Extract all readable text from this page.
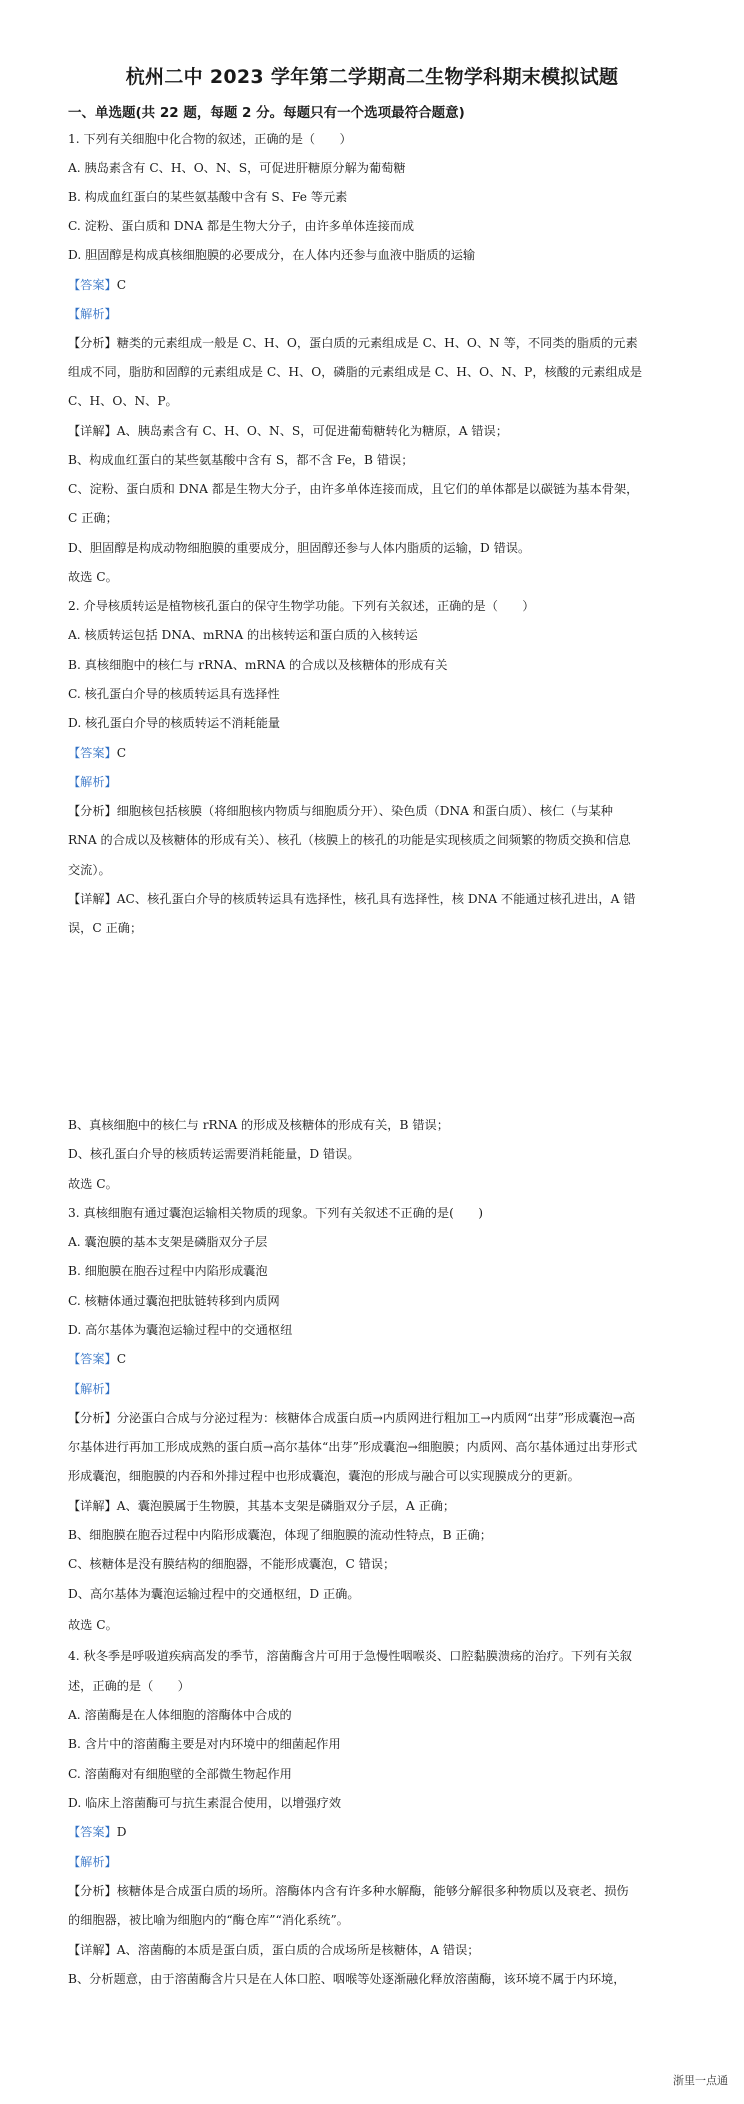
杭州二中 2023 学年第二学期高二生物学科期末模拟试题
一、单选题(共 22 题，每题 2 分。每题只有一个选项最符合题意)
1. 下列有关细胞中化合物的叙述，正确的是（　　）
A. 胰岛素含有 C、H、O、N、S，可促进肝糖原分解为葡萄糖
B. 构成血红蛋白的某些氨基酸中含有 S、Fe 等元素
C. 淀粉、蛋白质和 DNA 都是生物大分子，由许多单体连接而成
D. 胆固醇是构成真核细胞膜的必要成分，在人体内还参与血液中脂质的运输
【答案】C
【解析】
【分析】糖类的元素组成一般是 C、H、O，蛋白质的元素组成是 C、H、O、N 等，不同类的脂质的元素
组成不同，脂肪和固醇的元素组成是 C、H、O，磷脂的元素组成是 C、H、O、N、P，核酸的元素组成是
C、H、O、N、P。
【详解】A、胰岛素含有 C、H、O、N、S，可促进葡萄糖转化为糖原，A 错误；
B、构成血红蛋白的某些氨基酸中含有 S，都不含 Fe，B 错误；
C、淀粉、蛋白质和 DNA 都是生物大分子，由许多单体连接而成，且它们的单体都是以碳链为基本骨架，
C 正确；
D、胆固醇是构成动物细胞膜的重要成分，胆固醇还参与人体内脂质的运输，D 错误。
故选 C。
2. 介导核质转运是植物核孔蛋白的保守生物学功能。下列有关叙述，正确的是（　　）
A. 核质转运包括 DNA、mRNA 的出核转运和蛋白质的入核转运
B. 真核细胞中的核仁与 rRNA、mRNA 的合成以及核糖体的形成有关
C. 核孔蛋白介导的核质转运具有选择性
D. 核孔蛋白介导的核质转运不消耗能量
【答案】C
【解析】
【分析】细胞核包括核膜（将细胞核内物质与细胞质分开）、染色质（DNA 和蛋白质）、核仁（与某种
RNA 的合成以及核糖体的形成有关）、核孔（核膜上的核孔的功能是实现核质之间频繁的物质交换和信息
交流）。
【详解】AC、核孔蛋白介导的核质转运具有选择性，核孔具有选择性，核 DNA 不能通过核孔进出，A 错
误，C 正确；
B、真核细胞中的核仁与 rRNA 的形成及核糖体的形成有关，B 错误；
D、核孔蛋白介导的核质转运需要消耗能量，D 错误。
故选 C。
3. 真核细胞有通过囊泡运输相关物质的现象。下列有关叙述不正确的是(　　)
A. 囊泡膜的基本支架是磷脂双分子层
B. 细胞膜在胞吞过程中内陷形成囊泡
C. 核糖体通过囊泡把肽链转移到内质网
D. 高尔基体为囊泡运输过程中的交通枢纽
【答案】C
【解析】
【分析】分泌蛋白合成与分泌过程为：核糖体合成蛋白质→内质网进行粗加工→内质网“出芽”形成囊泡→高
尔基体进行再加工形成成熟的蛋白质→高尔基体“出芽”形成囊泡→细胞膜；内质网、高尔基体通过出芽形式
形成囊泡，细胞膜的内吞和外排过程中也形成囊泡，囊泡的形成与融合可以实现膜成分的更新。
【详解】A、囊泡膜属于生物膜，其基本支架是磷脂双分子层，A 正确；
B、细胞膜在胞吞过程中内陷形成囊泡，体现了细胞膜的流动性特点，B 正确；
C、核糖体是没有膜结构的细胞器，不能形成囊泡，C 错误；
D、高尔基体为囊泡运输过程中的交通枢纽，D 正确。
故选 C。
4. 秋冬季是呼吸道疾病高发的季节，溶菌酶含片可用于急慢性咽喉炎、口腔黏膜溃疡的治疗。下列有关叙
述，正确的是（　　）
A. 溶菌酶是在人体细胞的溶酶体中合成的
B. 含片中的溶菌酶主要是对内环境中的细菌起作用
C. 溶菌酶对有细胞壁的全部微生物起作用
D. 临床上溶菌酶可与抗生素混合使用，以增强疗效
【答案】D
【解析】
【分析】核糖体是合成蛋白质的场所。溶酶体内含有许多种水解酶，能够分解很多种物质以及衰老、损伤
的细胞器，被比喻为细胞内的“酶仓库”“消化系统”。
【详解】A、溶菌酶的本质是蛋白质，蛋白质的合成场所是核糖体，A 错误；
B、分析题意，由于溶菌酶含片只是在人体口腔、咽喉等处逐渐融化释放溶菌酶，该环境不属于内环境，
浙里一点通
